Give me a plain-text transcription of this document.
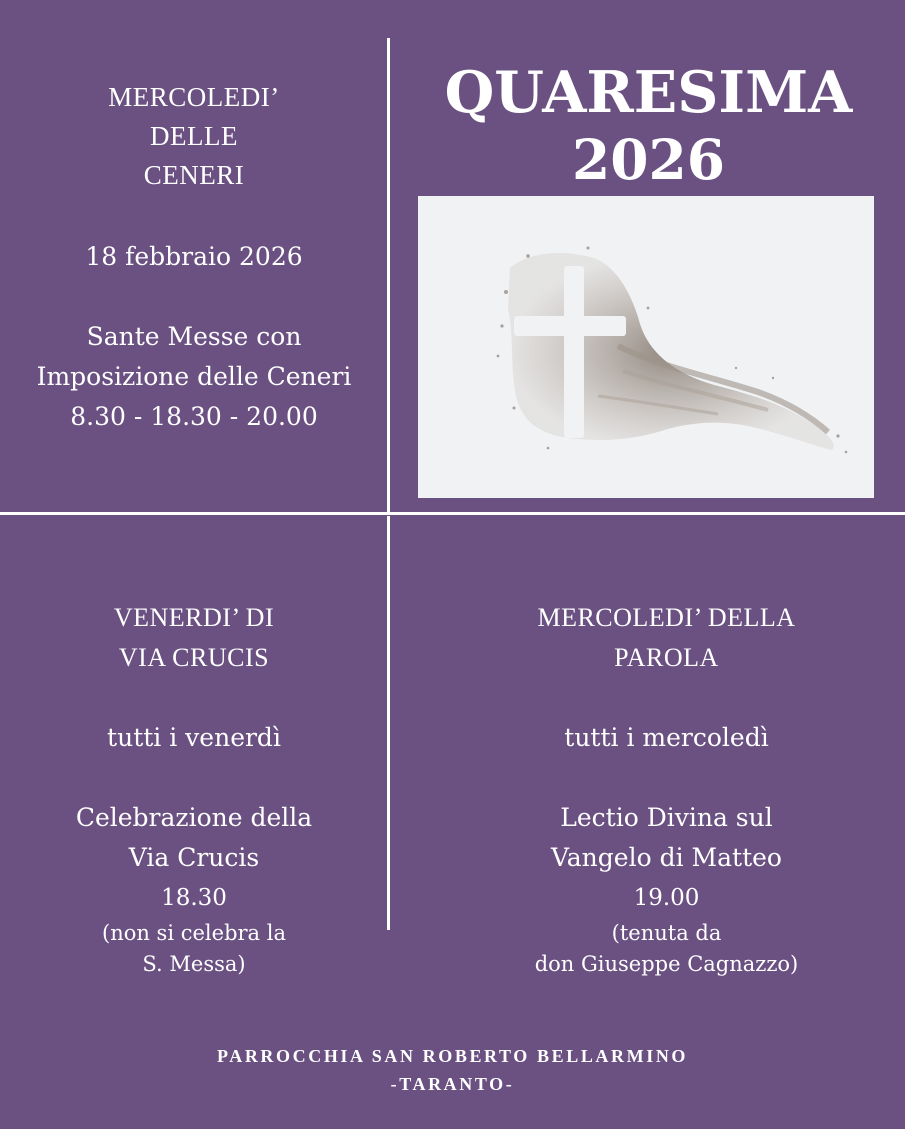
MERCOLEDI’
DELLE
CENERI
18 febbraio 2026
Sante Messe con
Imposizione delle Ceneri
8.30 - 18.30 - 20.00
QUARESIMA
2026
VENERDI’ DI
VIA CRUCIS
tutti i venerdì
Celebrazione della
Via Crucis
18.30
(non si celebra la
S. Messa)
MERCOLEDI’ DELLA
PAROLA
tutti i mercoledì
Lectio Divina sul
Vangelo di Matteo
19.00
(tenuta da
don Giuseppe Cagnazzo)
PARROCCHIA SAN ROBERTO BELLARMINO
-TARANTO-
